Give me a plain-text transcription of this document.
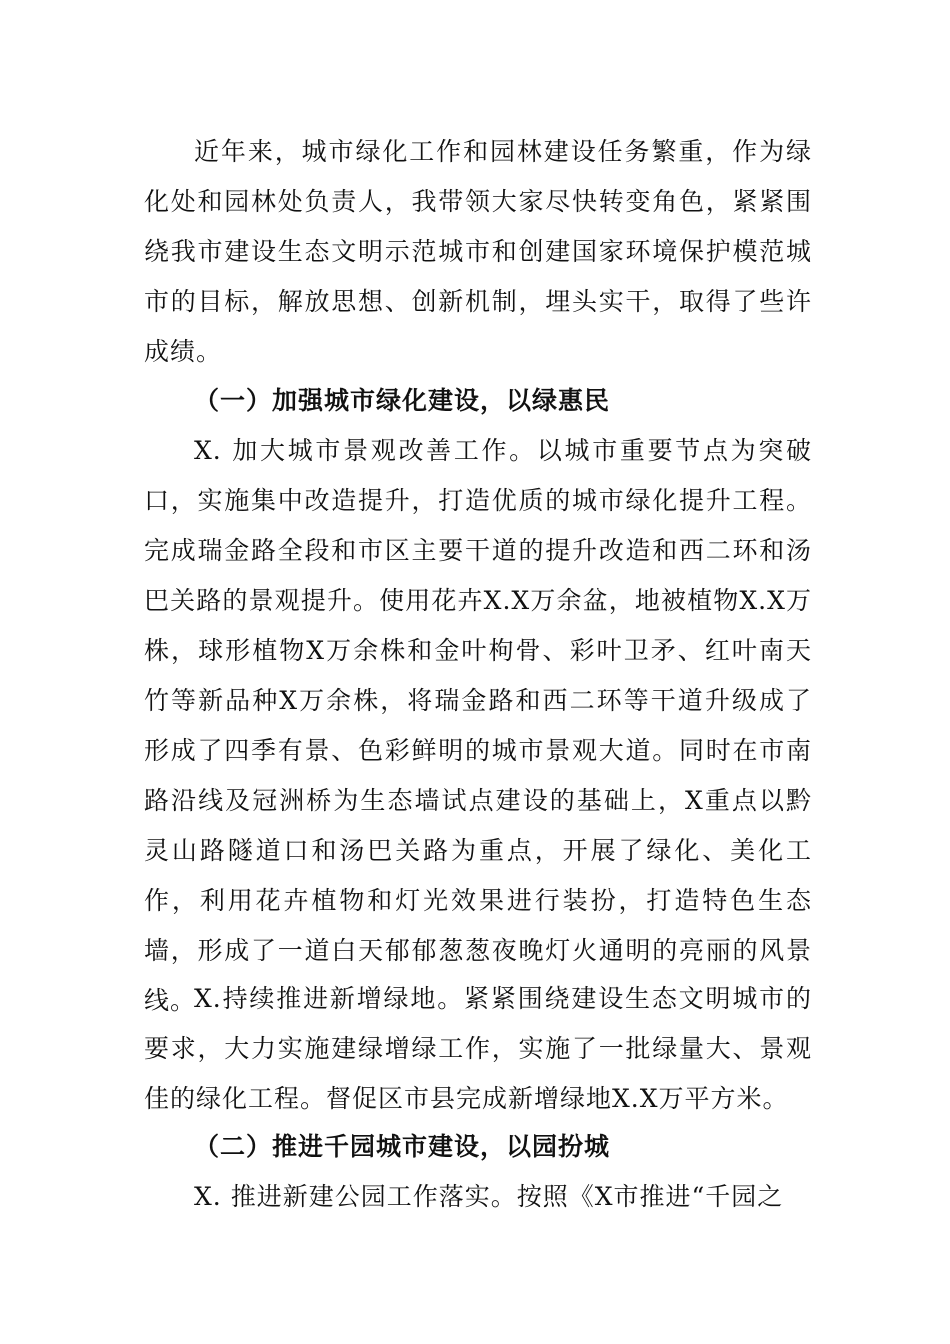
近年来，城市绿化工作和园林建设任务繁重，作为绿化处和园林处负责人，我带领大家尽快转变角色，紧紧围绕我市建设生态文明示范城市和创建国家环境保护模范城市的目标，解放思想、创新机制，埋头实干，取得了些许成绩。

（一）加强城市绿化建设，以绿惠民

X. 加大城市景观改善工作。以城市重要节点为突破口，实施集中改造提升，打造优质的城市绿化提升工程。完成瑞金路全段和市区主要干道的提升改造和西二环和汤巴关路的景观提升。使用花卉X.X万余盆，地被植物X.X万株，球形植物X万余株和金叶枸骨、彩叶卫矛、红叶南天竹等新品种X万余株，将瑞金路和西二环等干道升级成了形成了四季有景、色彩鲜明的城市景观大道。同时在市南路沿线及冠洲桥为生态墙试点建设的基础上，X重点以黔灵山路隧道口和汤巴关路为重点，开展了绿化、美化工作，利用花卉植物和灯光效果进行装扮，打造特色生态墙，形成了一道白天郁郁葱葱夜晚灯火通明的亮丽的风景线。

X.持续推进新增绿地。紧紧围绕建设生态文明城市的要求，大力实施建绿增绿工作，实施了一批绿量大、景观佳的绿化工程。督促区市县完成新增绿地X.X万平方米。

（二）推进千园城市建设，以园扮城

X. 推进新建公园工作落实。按照《X市推进“千园之
